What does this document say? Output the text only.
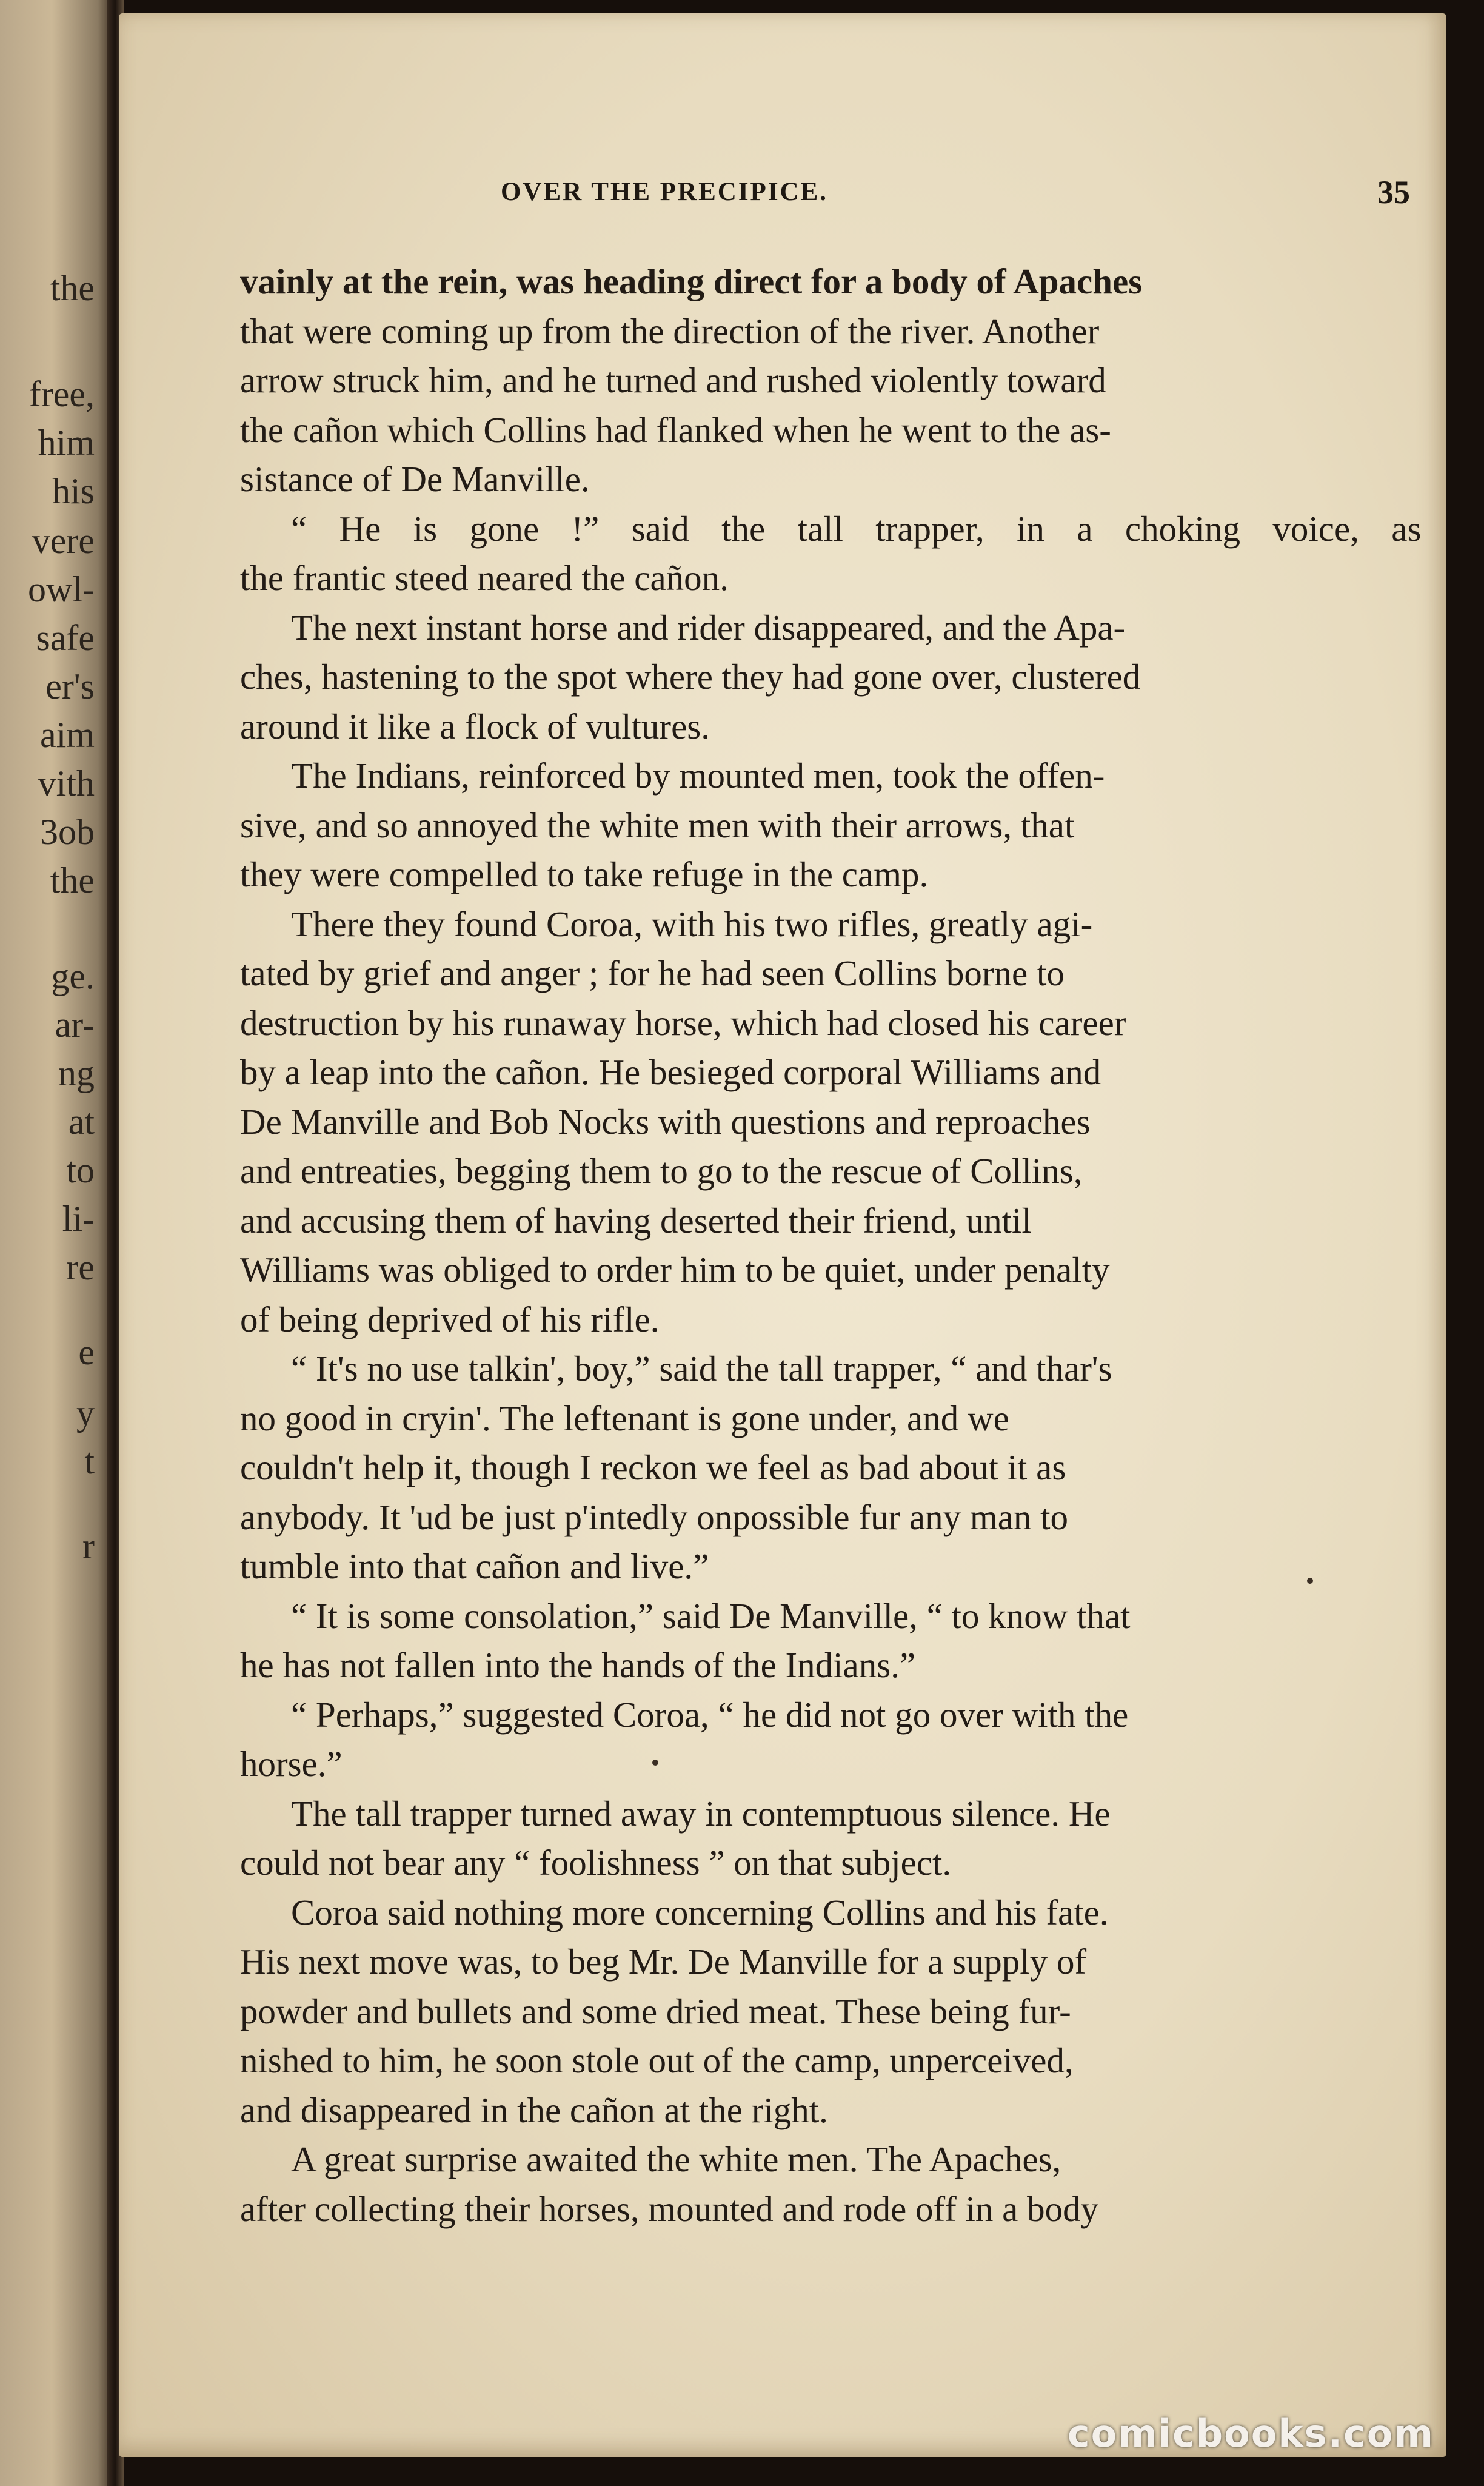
the
free,
him
his
vere
owl-
safe
er's
aim
vith
3ob
the
ge.
ar-
ng
at
to
li-
re
e
y
t
r
OVER THE PRECIPICE.	35
vainly at the rein, was heading direct for a body of Apaches
that were coming up from the direction of the river. Another
arrow struck him, and he turned and rushed violently toward
the cañon which Collins had flanked when he went to the as-
sistance of De Manville.
“ He is gone !” said the tall trapper, in a choking voice, as
the frantic steed neared the cañon.
The next instant horse and rider disappeared, and the Apa-
ches, hastening to the spot where they had gone over, clustered
around it like a flock of vultures.
The Indians, reinforced by mounted men, took the offen-
sive, and so annoyed the white men with their arrows, that
they were compelled to take refuge in the camp.
There they found Coroa, with his two rifles, greatly agi-
tated by grief and anger ; for he had seen Collins borne to
destruction by his runaway horse, which had closed his career
by a leap into the cañon. He besieged corporal Williams and
De Manville and Bob Nocks with questions and reproaches
and entreaties, begging them to go to the rescue of Collins,
and accusing them of having deserted their friend, until
Williams was obliged to order him to be quiet, under penalty
of being deprived of his rifle.
“ It's no use talkin', boy,” said the tall trapper, “ and thar's
no good in cryin'. The leftenant is gone under, and we
couldn't help it, though I reckon we feel as bad about it as
anybody. It 'ud be just p'intedly onpossible fur any man to
tumble into that cañon and live.”
“ It is some consolation,” said De Manville, “ to know that
he has not fallen into the hands of the Indians.”
“ Perhaps,” suggested Coroa, “ he did not go over with the
horse.”
The tall trapper turned away in contemptuous silence. He
could not bear any “ foolishness ” on that subject.
Coroa said nothing more concerning Collins and his fate.
His next move was, to beg Mr. De Manville for a supply of
powder and bullets and some dried meat. These being fur-
nished to him, he soon stole out of the camp, unperceived,
and disappeared in the cañon at the right.
A great surprise awaited the white men. The Apaches,
after collecting their horses, mounted and rode off in a body
comicbooks.com
